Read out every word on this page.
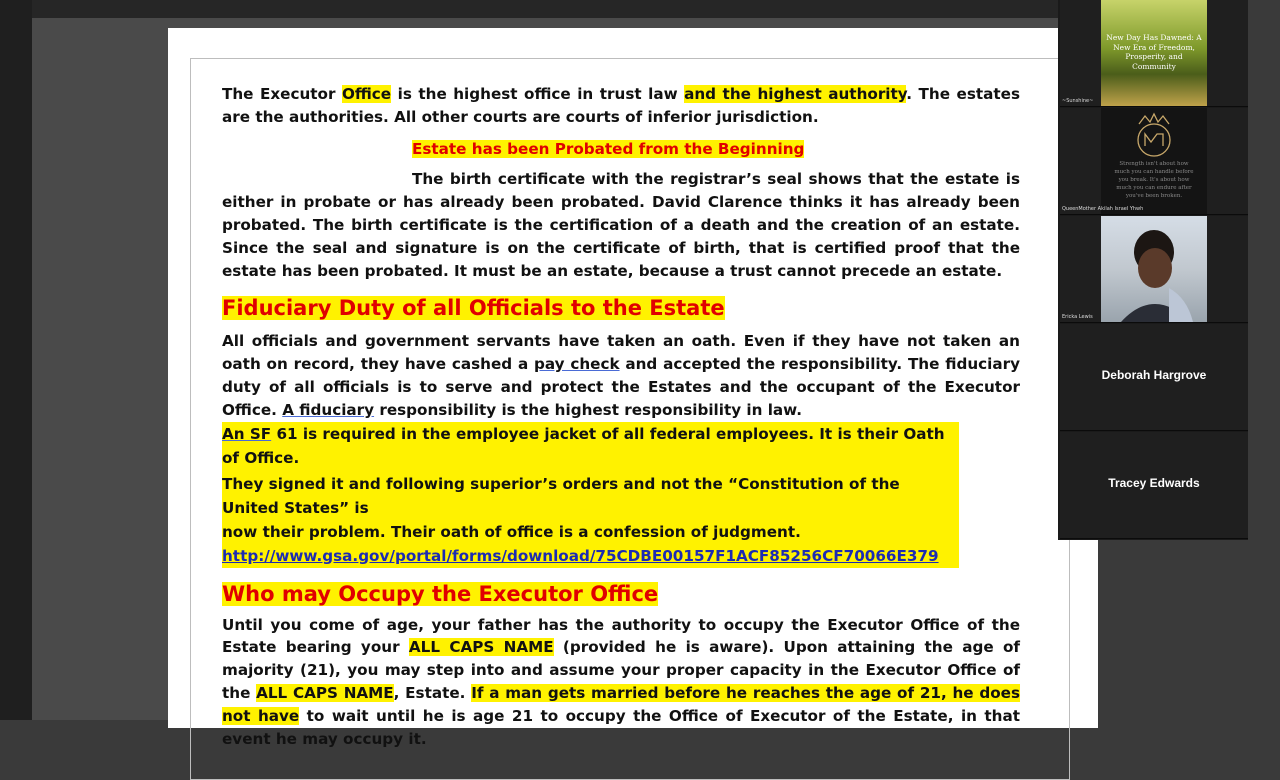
The Executor Office is the highest office in trust law and the highest authority. The estates are the authorities. All other courts are courts of inferior jurisdiction.

Estate has been Probated from the Beginning

The birth certificate with the registrar’s seal shows that the estate is either in probate or has already been probated. David Clarence thinks it has already been probated. The birth certificate is the certification of a death and the creation of an estate. Since the seal and signature is on the certificate of birth, that is certified proof that the estate has been probated. It must be an estate, because a trust cannot precede an estate.

Fiduciary Duty of all Officials to the Estate

All officials and government servants have taken an oath. Even if they have not taken an oath on record, they have cashed a pay check and accepted the responsibility. The fiduciary duty of all officials is to serve and protect the Estates and the occupant of the Executor Office. A fiduciary responsibility is the highest responsibility in law.

An SF 61 is required in the employee jacket of all federal employees. It is their Oath of Office.

They signed it and following superior’s orders and not the “Constitution of the United States” is

now their problem. Their oath of office is a confession of judgment.

http://www.gsa.gov/portal/forms/download/75CDBE00157F1ACF85256CF70066E379

Who may Occupy the Executor Office

Until you come of age, your father has the authority to occupy the Executor Office of the Estate bearing your ALL CAPS NAME (provided he is aware). Upon attaining the age of majority (21), you may step into and assume your proper capacity in the Executor Office of the ALL CAPS NAME, Estate. If a man gets married before he reaches the age of 21, he does not have to wait until he is age 21 to occupy the Office of Executor of the Estate, in that event he may occupy it.

New Day Has Dawned: A New Era of Freedom, Prosperity, and Community
~Sunshine~
Strength isn't about how much you can handle before you break. It's about how much you can endure after you've been broken.
QueenMother Akilah Israel Yhwh
Ericka Lewis
Deborah Hargrove
Tracey Edwards
